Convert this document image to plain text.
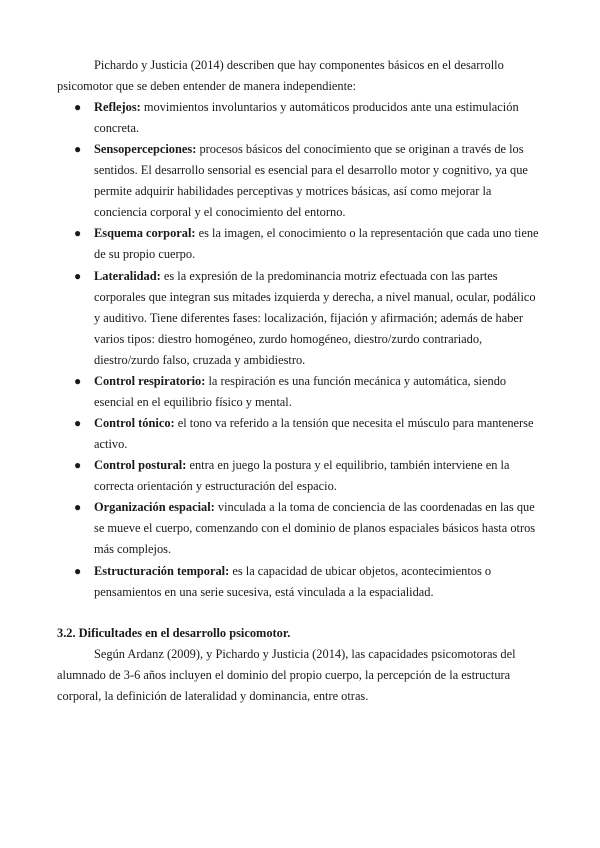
Pichardo y Justicia (2014) describen que hay componentes básicos en el desarrollo psicomotor que se deben entender de manera independiente:

● Reflejos: movimientos involuntarios y automáticos producidos ante una estimulación concreta.
● Sensopercepciones: procesos básicos del conocimiento que se originan a través de los sentidos. El desarrollo sensorial es esencial para el desarrollo motor y cognitivo, ya que permite adquirir habilidades perceptivas y motrices básicas, así como mejorar la conciencia corporal y el conocimiento del entorno.
● Esquema corporal: es la imagen, el conocimiento o la representación que cada uno tiene de su propio cuerpo.
● Lateralidad: es la expresión de la predominancia motriz efectuada con las partes corporales que integran sus mitades izquierda y derecha, a nivel manual, ocular, podálico y auditivo. Tiene diferentes fases: localización, fijación y afirmación; además de haber varios tipos: diestro homogéneo, zurdo homogéneo, diestro/zurdo contrariado, diestro/zurdo falso, cruzada y ambidiestro.
● Control respiratorio: la respiración es una función mecánica y automática, siendo esencial en el equilibrio físico y mental.
● Control tónico: el tono va referido a la tensión que necesita el músculo para mantenerse activo.
● Control postural: entra en juego la postura y el equilibrio, también interviene en la correcta orientación y estructuración del espacio.
● Organización espacial: vinculada a la toma de conciencia de las coordenadas en las que se mueve el cuerpo, comenzando con el dominio de planos espaciales básicos hasta otros más complejos.
● Estructuración temporal: es la capacidad de ubicar objetos, acontecimientos o pensamientos en una serie sucesiva, está vinculada a la espacialidad.

3.2. Dificultades en el desarrollo psicomotor.

Según Ardanz (2009), y Pichardo y Justicia (2014), las capacidades psicomotoras del alumnado de 3-6 años incluyen el dominio del propio cuerpo, la percepción de la estructura corporal, la definición de lateralidad y dominancia, entre otras.
